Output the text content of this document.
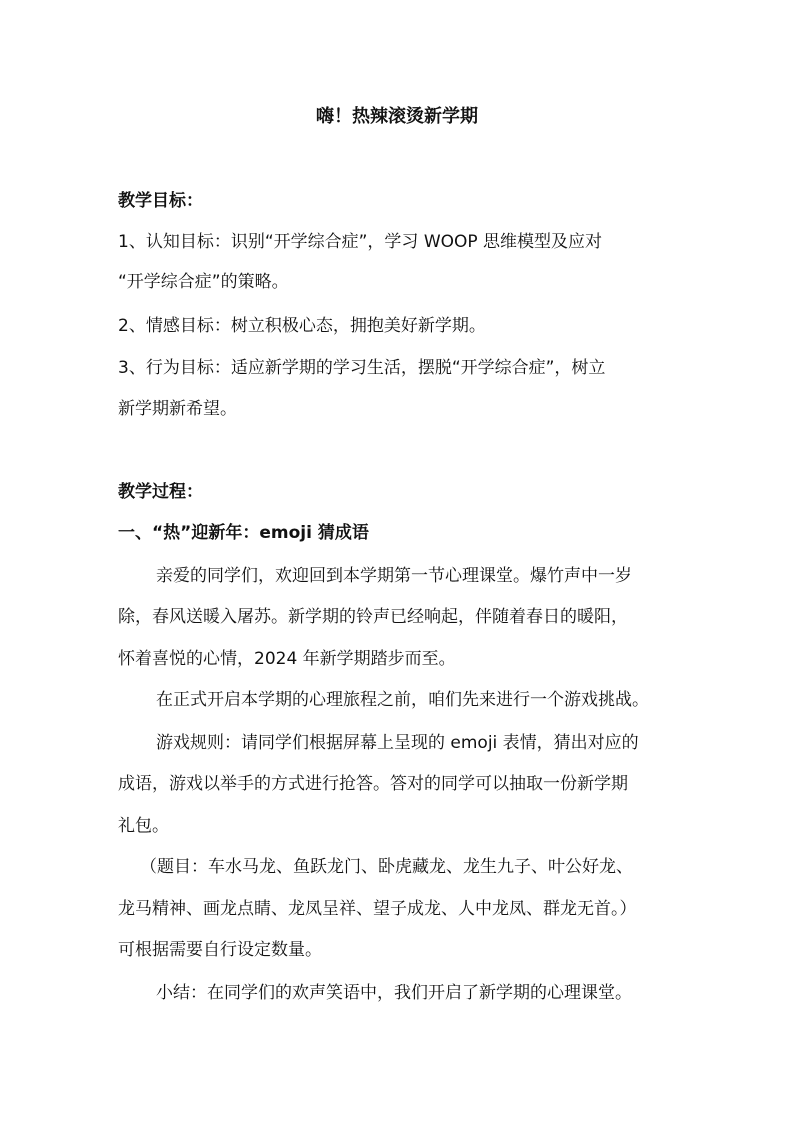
嗨！热辣滚烫新学期
教学目标：
1、认知目标：识别“开学综合症”，学习 WOOP 思维模型及应对
“开学综合症”的策略。
2、情感目标：树立积极心态，拥抱美好新学期。
3、行为目标：适应新学期的学习生活，摆脱“开学综合症”，树立
新学期新希望。
教学过程：
一、“热”迎新年：emoji 猜成语
亲爱的同学们，欢迎回到本学期第一节心理课堂。爆竹声中一岁
除，春风送暖入屠苏。新学期的铃声已经响起，伴随着春日的暖阳，
怀着喜悦的心情，2024 年新学期踏步而至。
在正式开启本学期的心理旅程之前，咱们先来进行一个游戏挑战。
游戏规则：请同学们根据屏幕上呈现的 emoji 表情，猜出对应的
成语，游戏以举手的方式进行抢答。答对的同学可以抽取一份新学期
礼包。
（题目：车水马龙、鱼跃龙门、卧虎藏龙、龙生九子、叶公好龙、
龙马精神、画龙点睛、龙凤呈祥、望子成龙、人中龙凤、群龙无首。）
可根据需要自行设定数量。
小结：在同学们的欢声笑语中，我们开启了新学期的心理课堂。
